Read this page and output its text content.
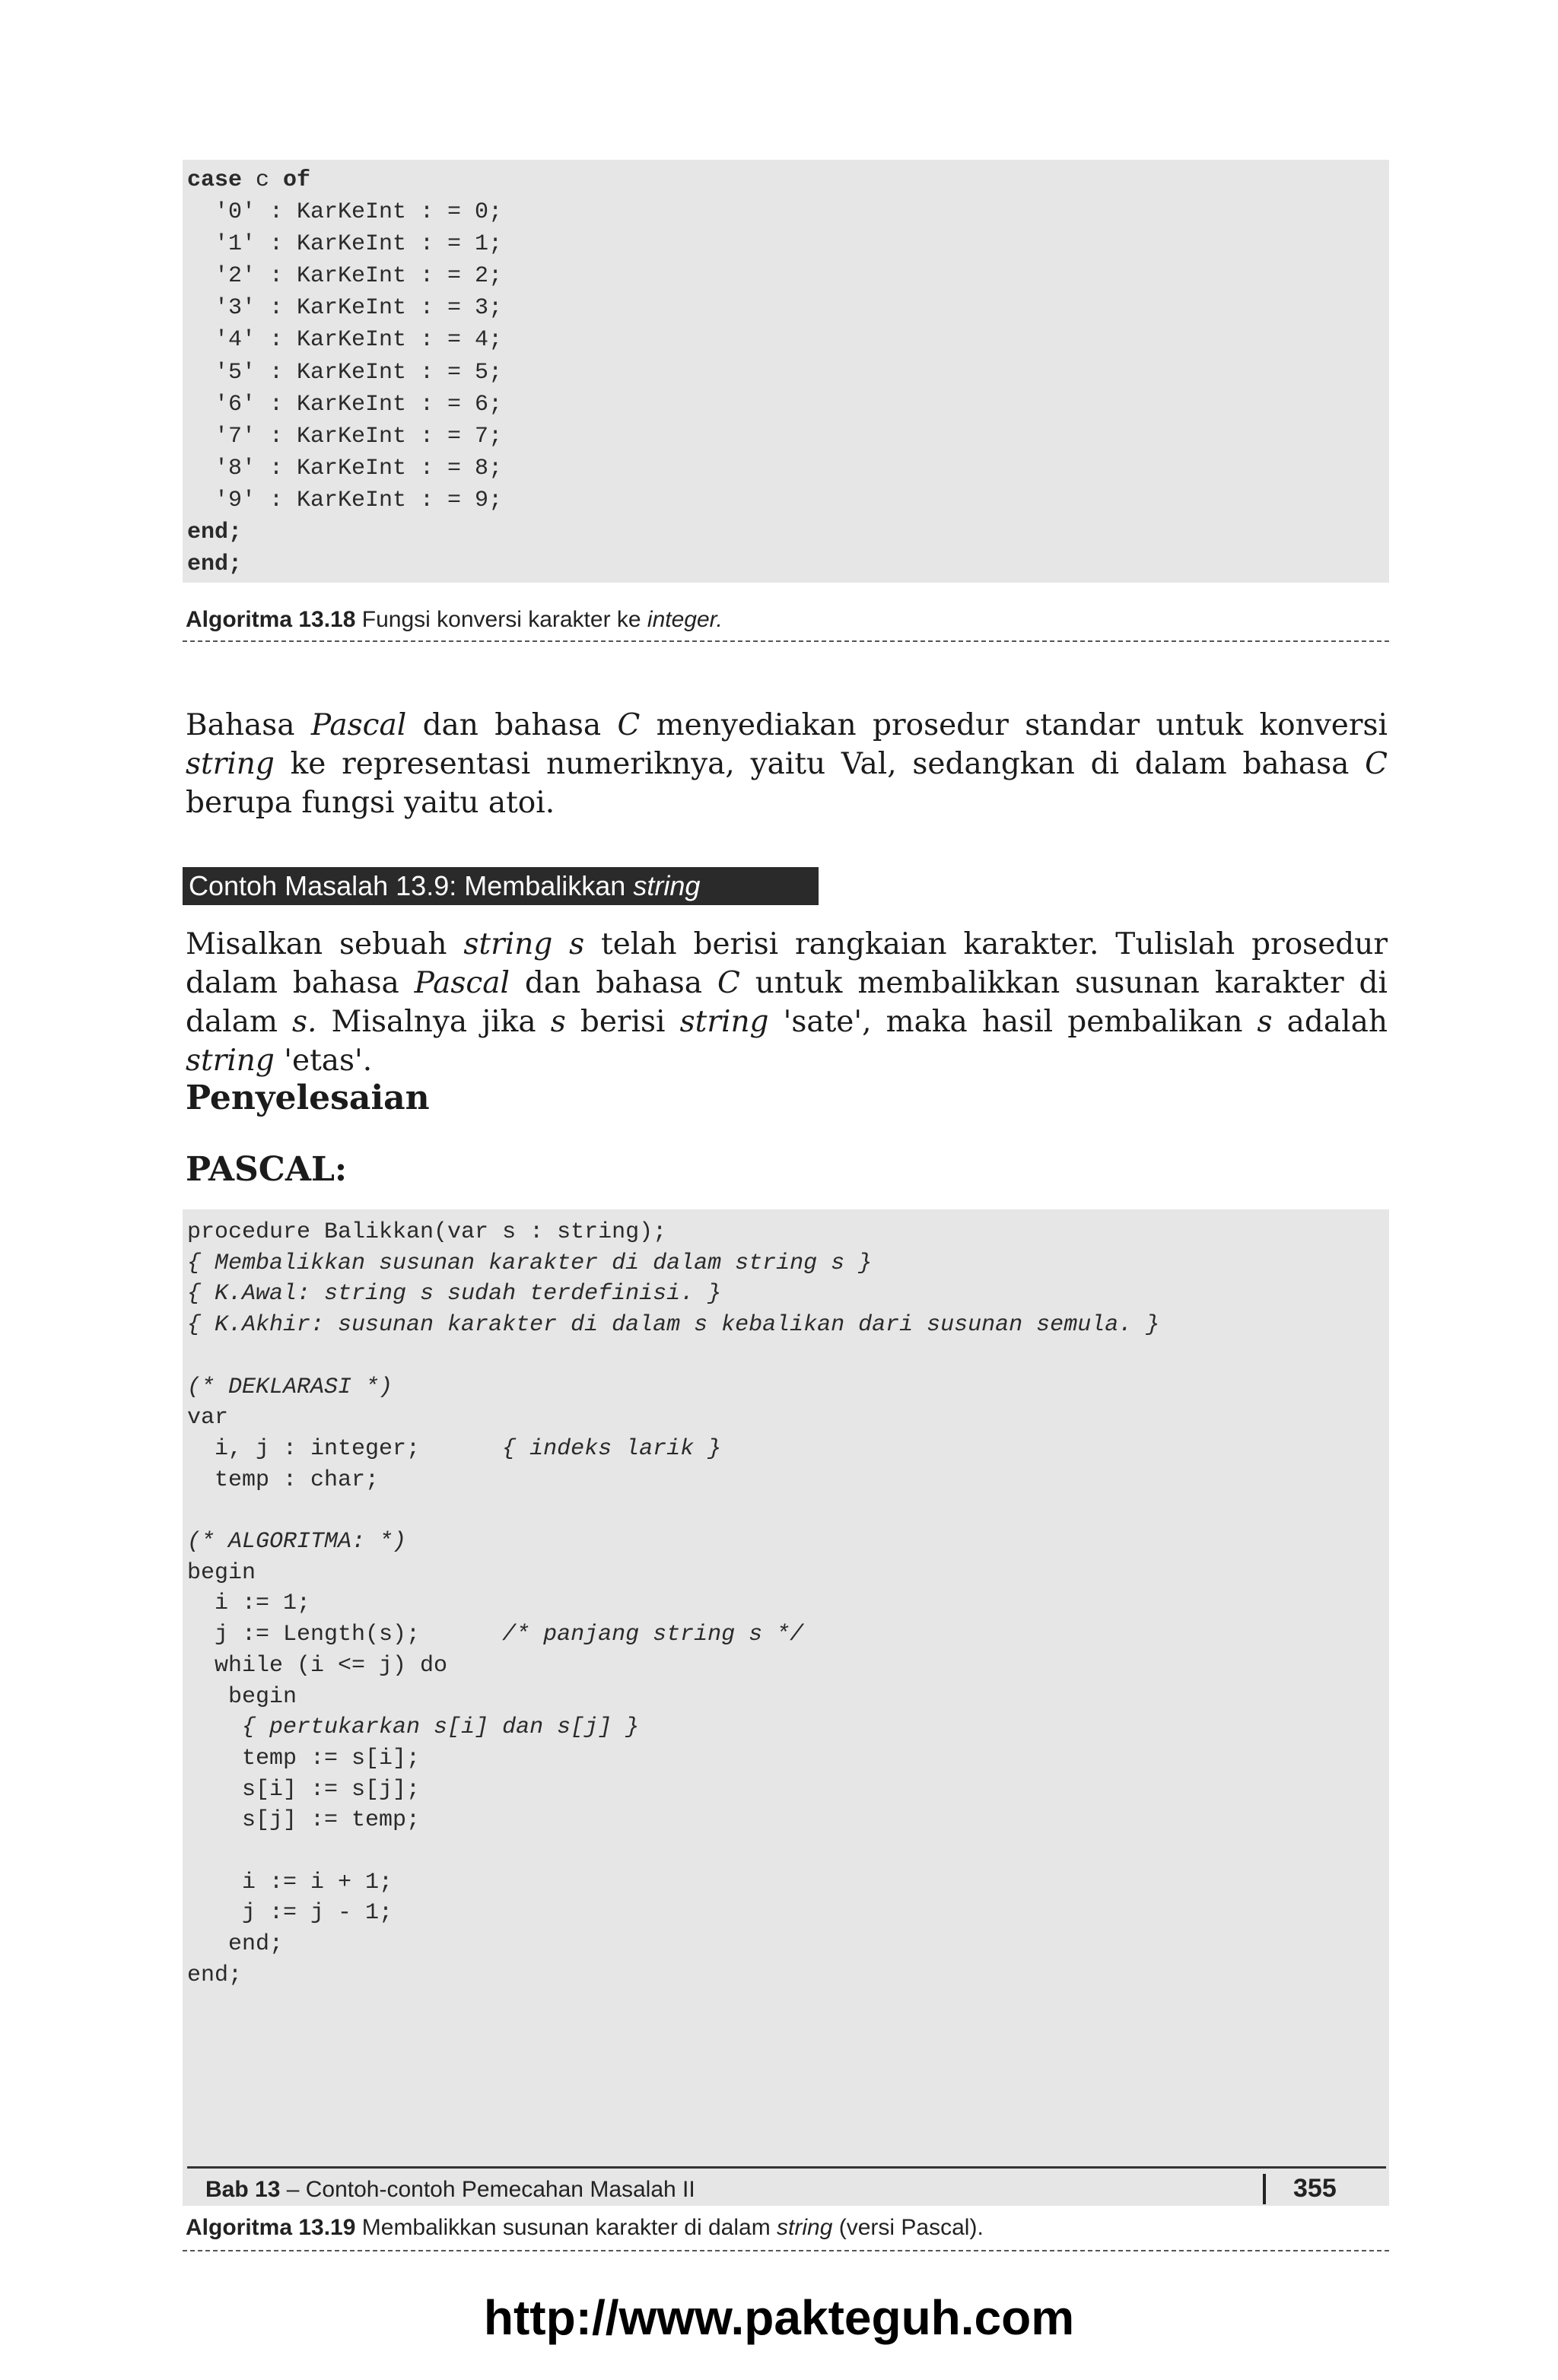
case c of
'0' : KarKeInt : = 0;
'1' : KarKeInt : = 1;
'2' : KarKeInt : = 2;
'3' : KarKeInt : = 3;
'4' : KarKeInt : = 4;
'5' : KarKeInt : = 5;
'6' : KarKeInt : = 6;
'7' : KarKeInt : = 7;
'8' : KarKeInt : = 8;
'9' : KarKeInt : = 9;
end;
end;
Algoritma 13.18 Fungsi konversi karakter ke integer.

Bahasa Pascal dan bahasa C menyediakan prosedur standar untuk konversi string ke representasi numeriknya, yaitu Val, sedangkan di dalam bahasa C berupa fungsi yaitu atoi.

Contoh Masalah 13.9: Membalikkan string

Misalkan sebuah string s telah berisi rangkaian karakter. Tulislah prosedur dalam bahasa Pascal dan bahasa C untuk membalikkan susunan karakter di dalam s. Misalnya jika s berisi string 'sate', maka hasil pembalikan s adalah string 'etas'.

Penyelesaian
PASCAL:
procedure Balikkan(var s : string);
{ Membalikkan susunan karakter di dalam string s }
{ K.Awal: string s sudah terdefinisi. }
{ K.Akhir: susunan karakter di dalam s kebalikan dari susunan semula. }

(* DEKLARASI *)
var
i, j : integer;      { indeks larik }
temp : char;

(* ALGORITMA: *)
begin
i := 1;
j := Length(s);      /* panjang string s */
while (i <= j) do
begin
{ pertukarkan s[i] dan s[j] }
temp := s[i];
s[i] := s[j];
s[j] := temp;

i := i + 1;
j := j - 1;
end;
end;
Algoritma 13.19 Membalikkan susunan karakter di dalam string (versi Pascal).
Bab 13 – Contoh-contoh Pemecahan Masalah II	355
http://www.pakteguh.com
